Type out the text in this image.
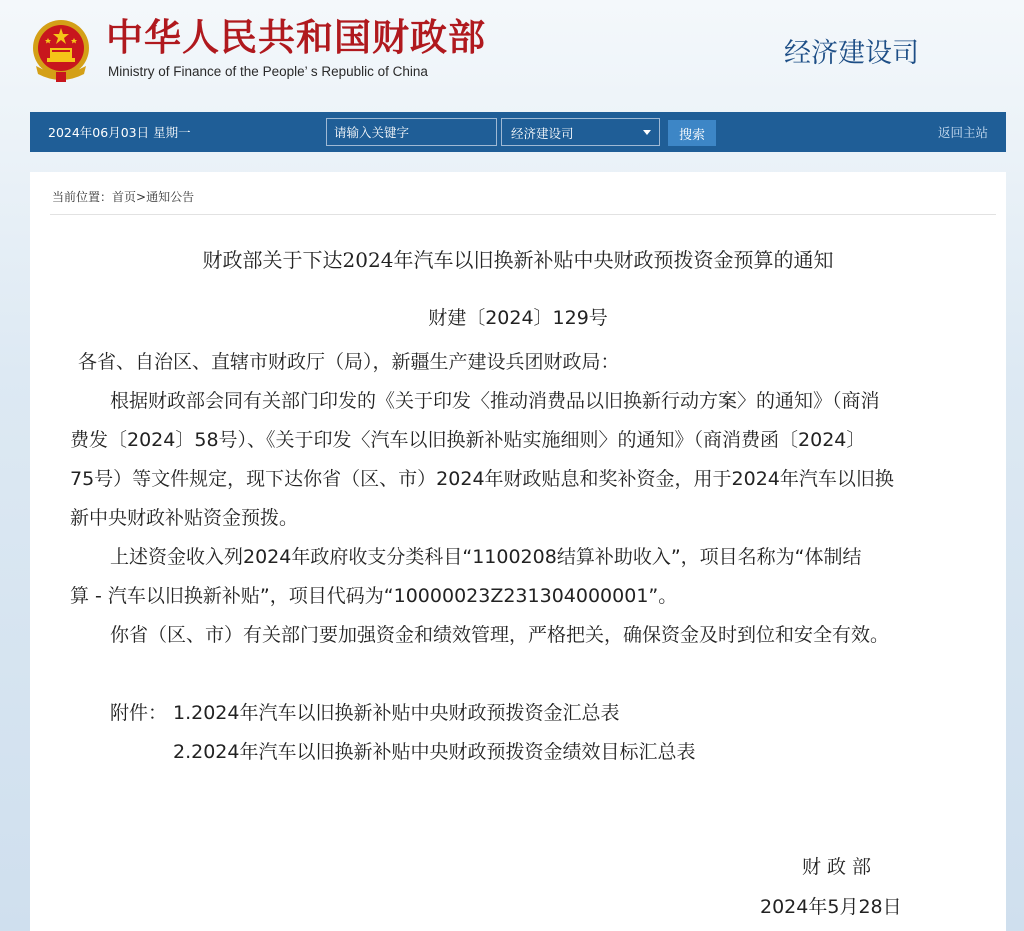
中华人民共和国财政部
Ministry of Finance of the People’ s Republic of China
经济建设司
2024年06月03日 星期一
请输入关键字	经济建设司	搜索	返回主站
当前位置：首页>通知公告
财政部关于下达2024年汽车以旧换新补贴中央财政预拨资金预算的通知
财建〔2024〕129号
各省、自治区、直辖市财政厅（局），新疆生产建设兵团财政局：
根据财政部会同有关部门印发的《关于印发〈推动消费品以旧换新行动方案〉的通知》（商消
费发〔2024〕58号）、《关于印发〈汽车以旧换新补贴实施细则〉的通知》（商消费函〔2024〕
75号）等文件规定，现下达你省（区、市）2024年财政贴息和奖补资金，用于2024年汽车以旧换
新中央财政补贴资金预拨。
上述资金收入列2024年政府收支分类科目“1100208结算补助收入”，项目名称为“体制结
算 - 汽车以旧换新补贴”，项目代码为“10000023Z231304000001”。
你省（区、市）有关部门要加强资金和绩效管理，严格把关，确保资金及时到位和安全有效。
附件： 1.2024年汽车以旧换新补贴中央财政预拨资金汇总表
2.2024年汽车以旧换新补贴中央财政预拨资金绩效目标汇总表
财政部
2024年5月28日
